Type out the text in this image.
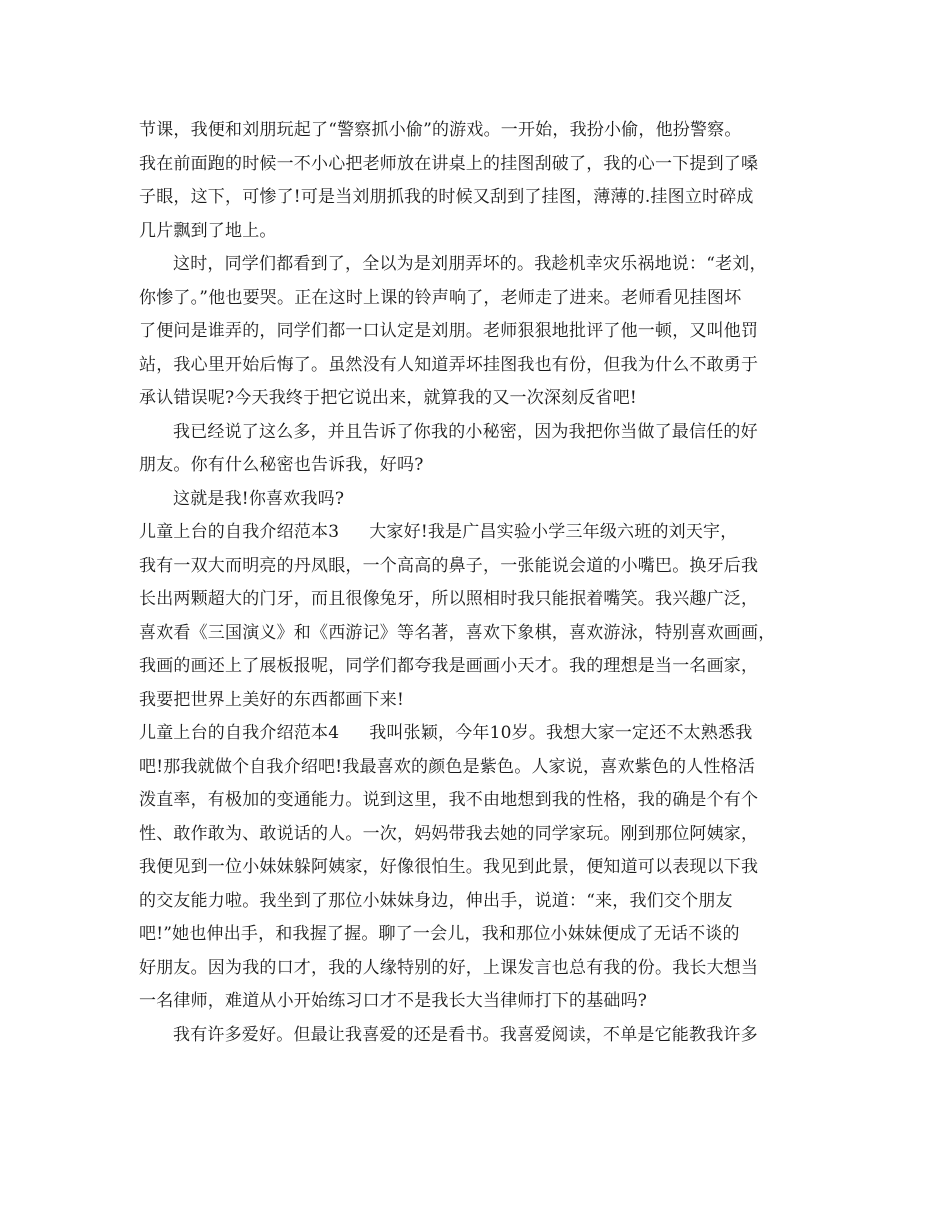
节课，我便和刘朋玩起了“警察抓小偷”的游戏。一开始，我扮小偷，他扮警察。
我在前面跑的时候一不小心把老师放在讲桌上的挂图刮破了，我的心一下提到了嗓
子眼，这下，可惨了!可是当刘朋抓我的时候又刮到了挂图，薄薄的.挂图立时碎成
几片飘到了地上。
这时，同学们都看到了，全以为是刘朋弄坏的。我趁机幸灾乐祸地说：“老刘，
你惨了。”他也要哭。正在这时上课的铃声响了，老师走了进来。老师看见挂图坏
了便问是谁弄的，同学们都一口认定是刘朋。老师狠狠地批评了他一顿，又叫他罚
站，我心里开始后悔了。虽然没有人知道弄坏挂图我也有份，但我为什么不敢勇于
承认错误呢?今天我终于把它说出来，就算我的又一次深刻反省吧!
我已经说了这么多，并且告诉了你我的小秘密，因为我把你当做了最信任的好
朋友。你有什么秘密也告诉我，好吗?
这就是我!你喜欢我吗?
儿童上台的自我介绍范本3 大家好!我是广昌实验小学三年级六班的刘天宇，
我有一双大而明亮的丹凤眼，一个高高的鼻子，一张能说会道的小嘴巴。换牙后我
长出两颗超大的门牙，而且很像兔牙，所以照相时我只能抿着嘴笑。我兴趣广泛，
喜欢看《三国演义》和《西游记》等名著，喜欢下象棋，喜欢游泳，特别喜欢画画，
我画的画还上了展板报呢，同学们都夸我是画画小天才。我的理想是当一名画家，
我要把世界上美好的东西都画下来!
儿童上台的自我介绍范本4 我叫张颖，今年10岁。我想大家一定还不太熟悉我
吧!那我就做个自我介绍吧!我最喜欢的颜色是紫色。人家说，喜欢紫色的人性格活
泼直率，有极加的变通能力。说到这里，我不由地想到我的性格，我的确是个有个
性、敢作敢为、敢说话的人。一次，妈妈带我去她的同学家玩。刚到那位阿姨家，
我便见到一位小妹妹躲阿姨家，好像很怕生。我见到此景，便知道可以表现以下我
的交友能力啦。我坐到了那位小妹妹身边，伸出手，说道：“来，我们交个朋友
吧!”她也伸出手，和我握了握。聊了一会儿，我和那位小妹妹便成了无话不谈的
好朋友。因为我的口才，我的人缘特别的好，上课发言也总有我的份。我长大想当
一名律师，难道从小开始练习口才不是我长大当律师打下的基础吗?
我有许多爱好。但最让我喜爱的还是看书。我喜爱阅读，不单是它能教我许多
